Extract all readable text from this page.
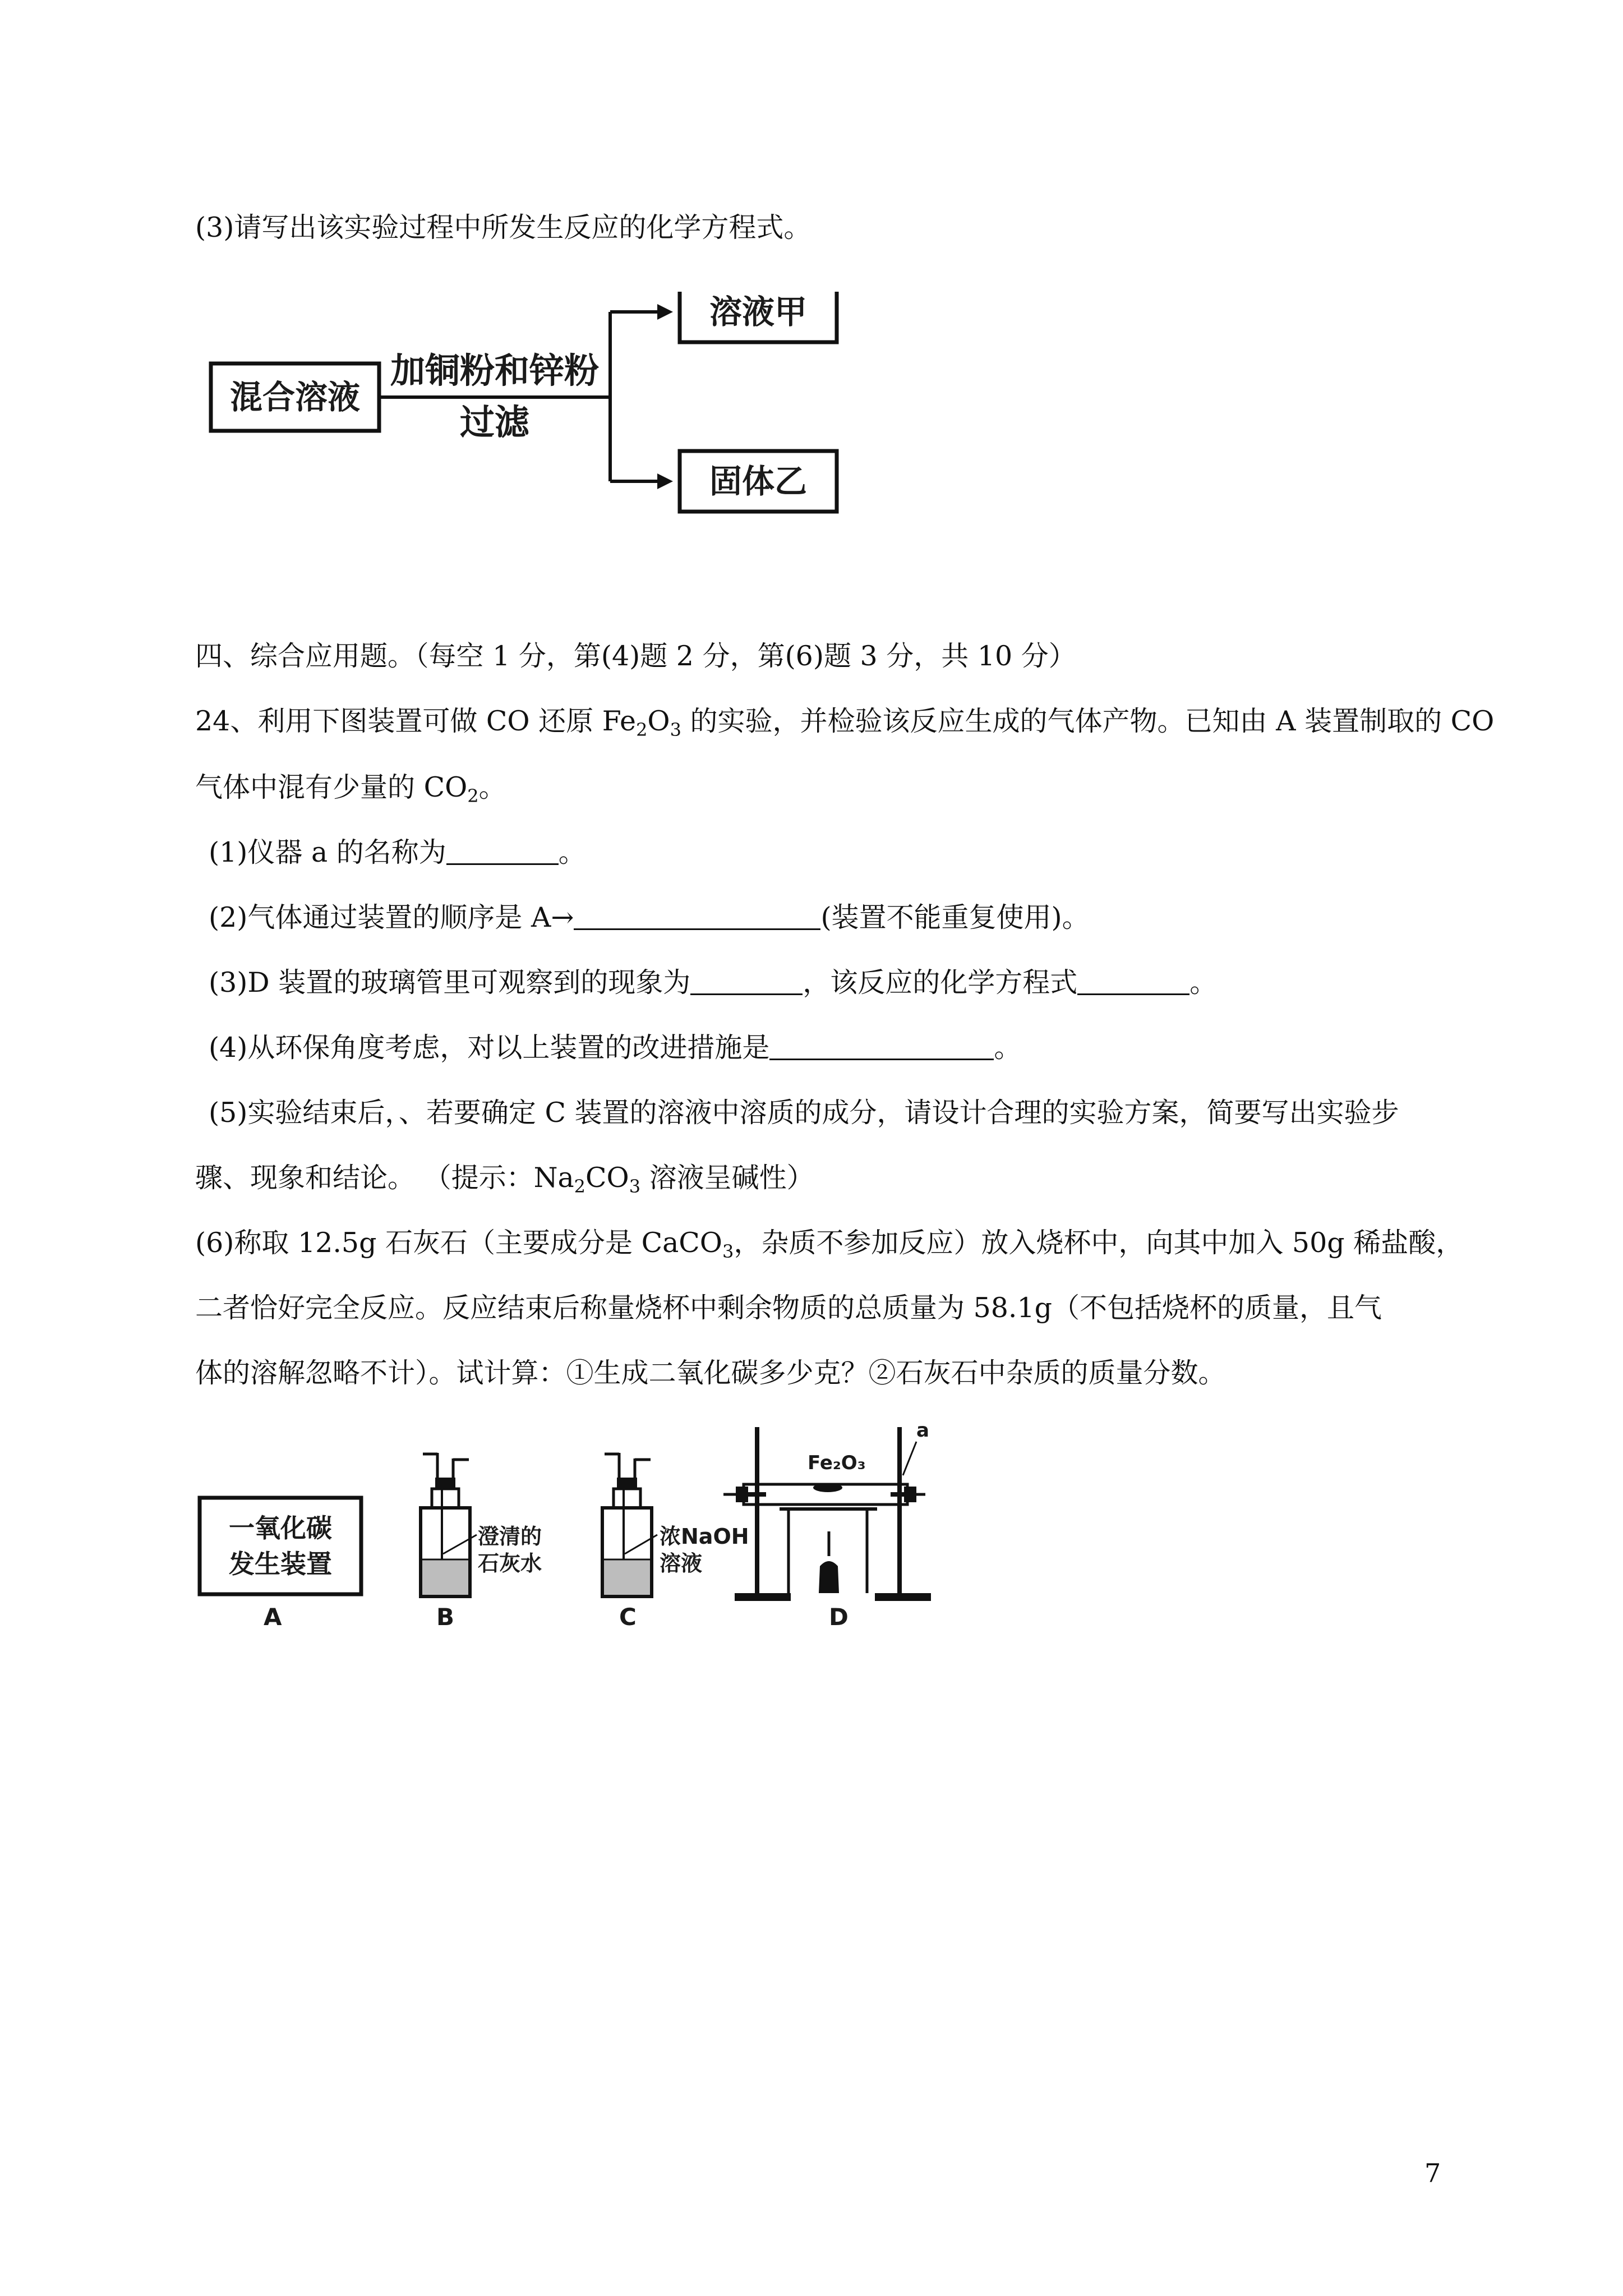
(3)请写出该实验过程中所发生反应的化学方程式。
混合溶液
加铜粉和锌粉
过滤
溶液甲
固体乙
四、综合应用题。（每空 1 分，第(4)题 2 分，第(6)题 3 分，共 10 分）
24、利用下图装置可做 CO 还原 $Fe_2O_3$ 的实验，并检验该反应生成的气体产物。已知由 A 装置制取的 CO
气体中混有少量的 $CO_2$。
(1)仪器 a 的名称为	。
(2)气体通过装置的顺序是 A→	(装置不能重复使用)。
(3)D 装置的玻璃管里可观察到的现象为	，该反应的化学方程式	。
(4)从环保角度考虑，对以上装置的改进措施是	。
(5)实验结束后，、若要确定 C 装置的溶液中溶质的成分，请设计合理的实验方案，简要写出实验步
骤、现象和结论。 （提示：$Na_2CO_3$ 溶液呈碱性）
(6)称取 12.5g 石灰石（主要成分是 CaCO$_3$，杂质不参加反应）放入烧杯中，向其中加入 50g 稀盐酸，
二者恰好完全反应。反应结束后称量烧杯中剩余物质的总质量为 58.1g（不包括烧杯的质量，且气
体的溶解忽略不计）。试计算：①生成二氧化碳多少克？②石灰石中杂质的质量分数。
一氧化碳
发生装置
澄清的
石灰水
浓NaOH
溶液
Fe₂O₃
a
A	B	C	D
7
